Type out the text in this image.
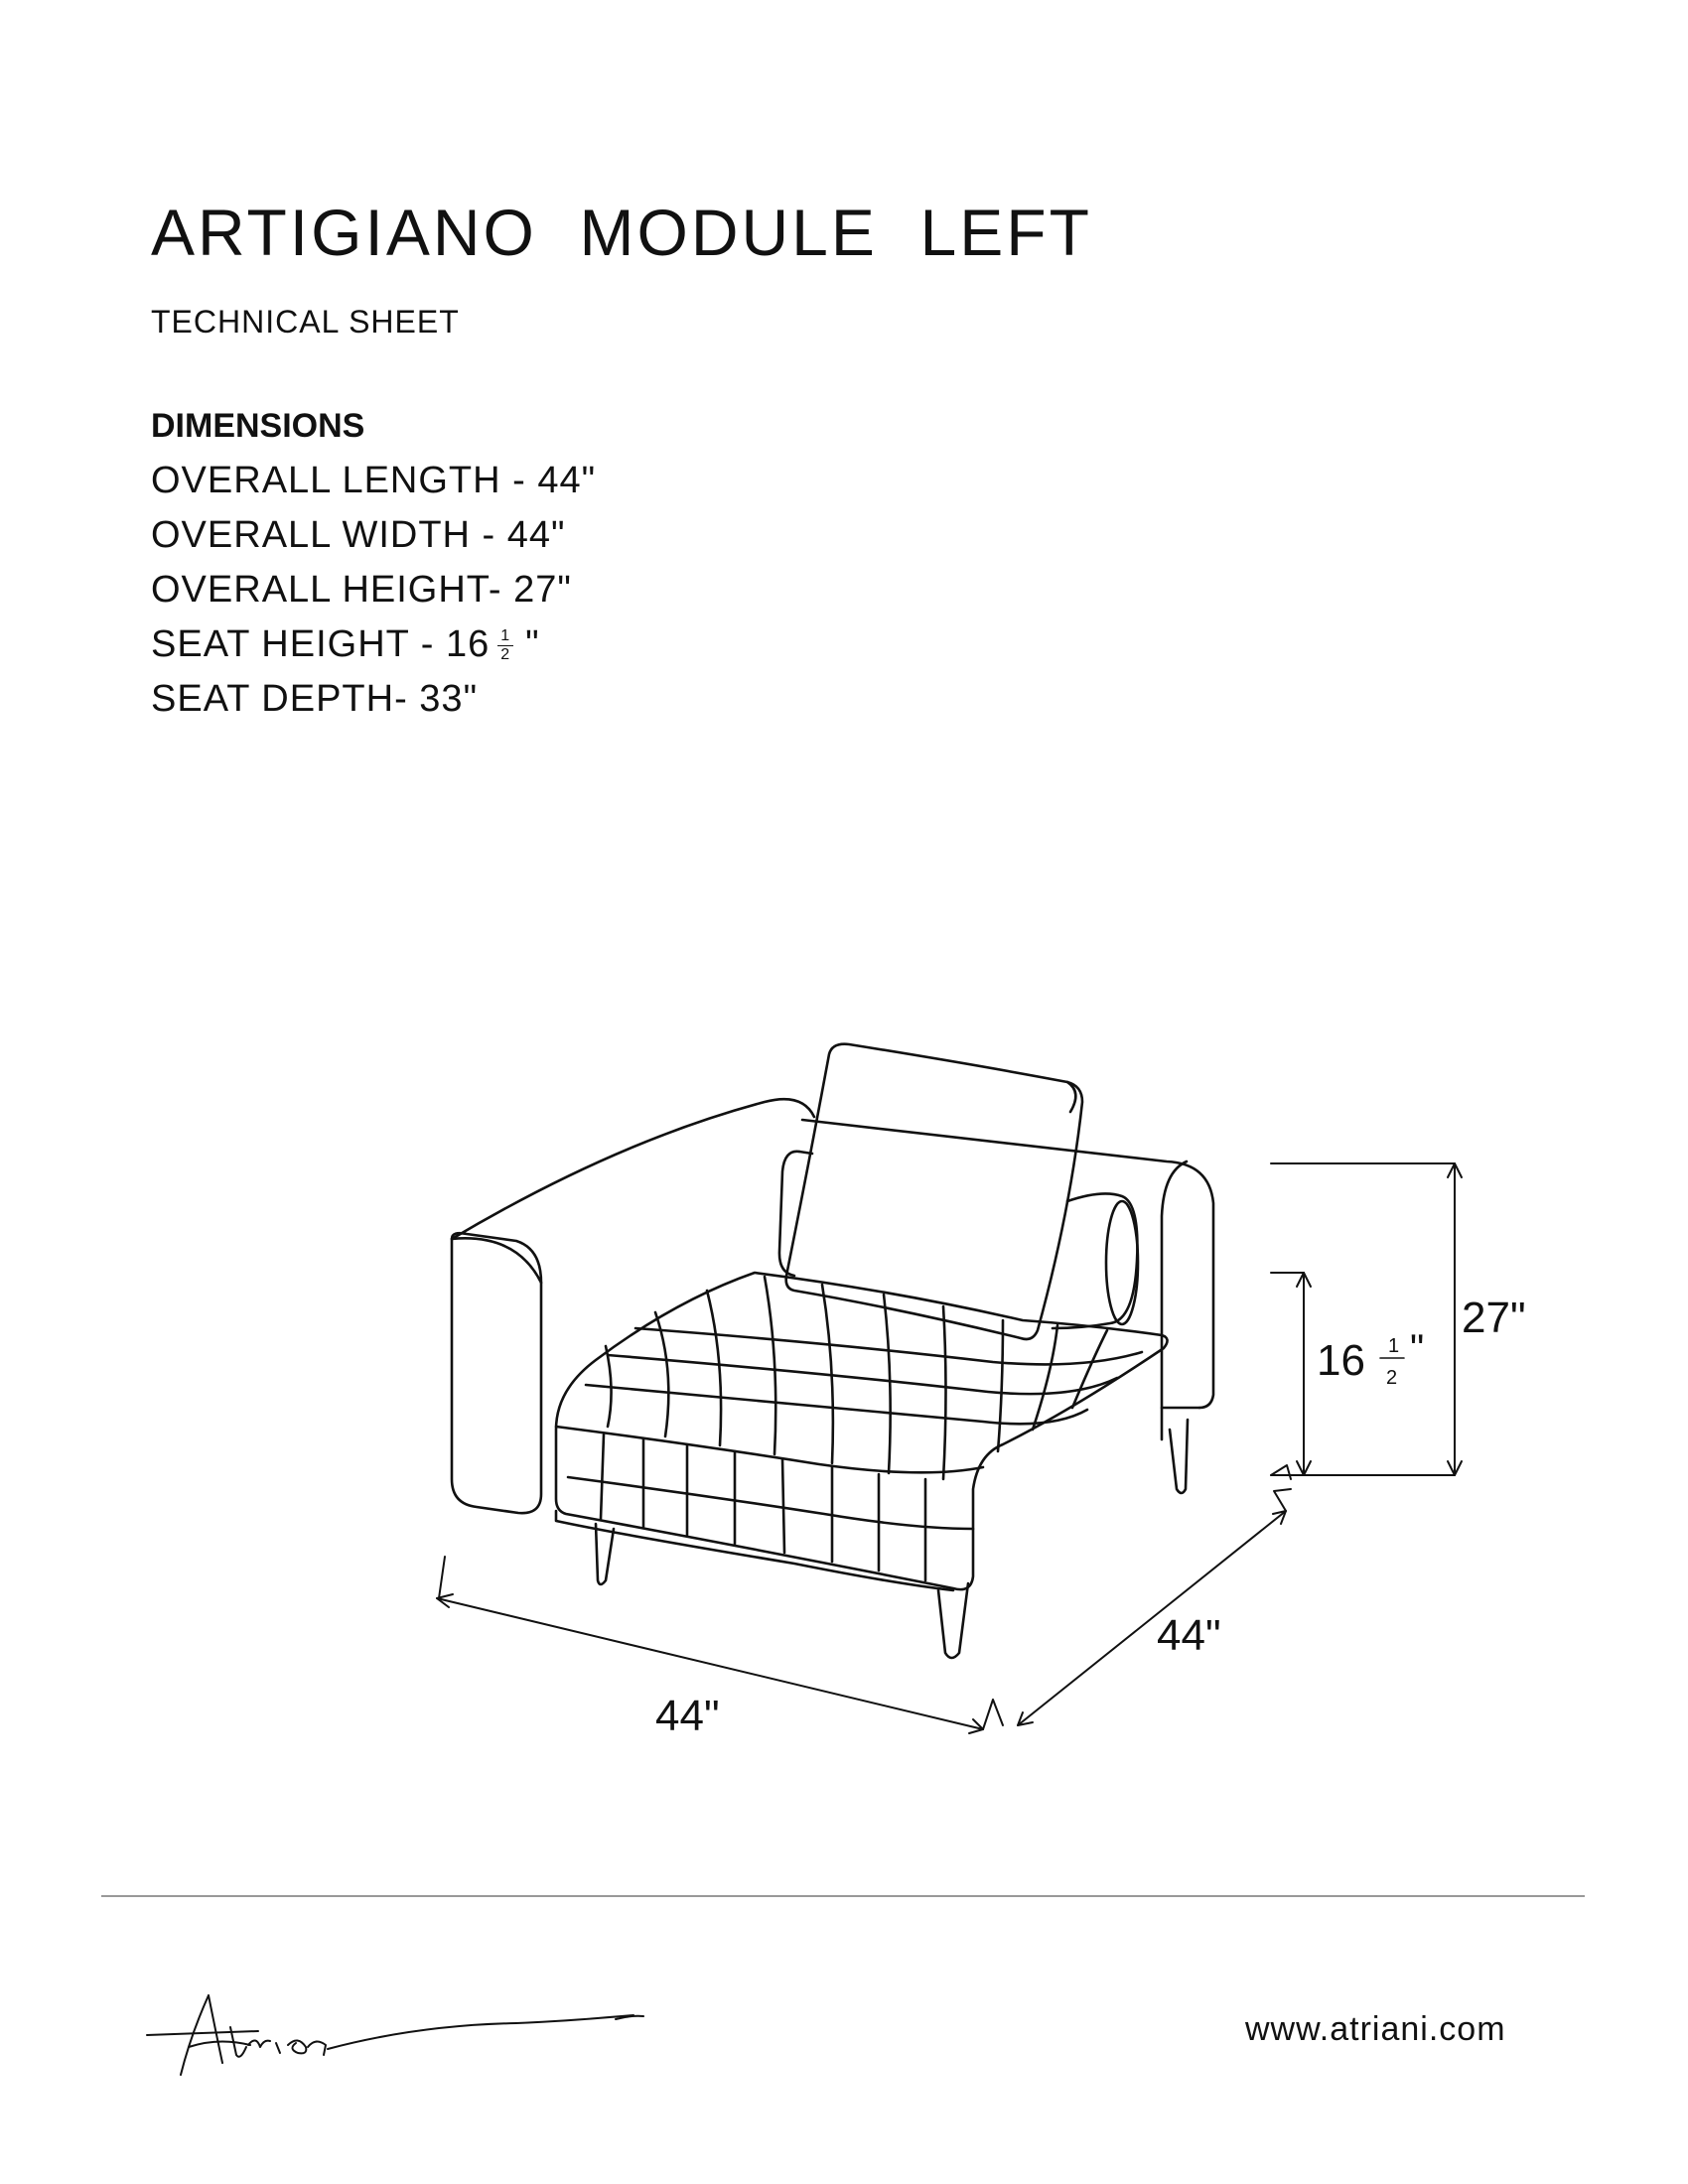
ARTIGIANO  MODULE  LEFT
TECHNICAL SHEET
DIMENSIONS
OVERALL LENGTH - 44"
OVERALL WIDTH - 44"
OVERALL HEIGHT- 27"
SEAT HEIGHT - $16 \frac{1}{2}$ "
SEAT DEPTH- 33"
27"
16 1
2
"
44"
44"
www.atriani.com
